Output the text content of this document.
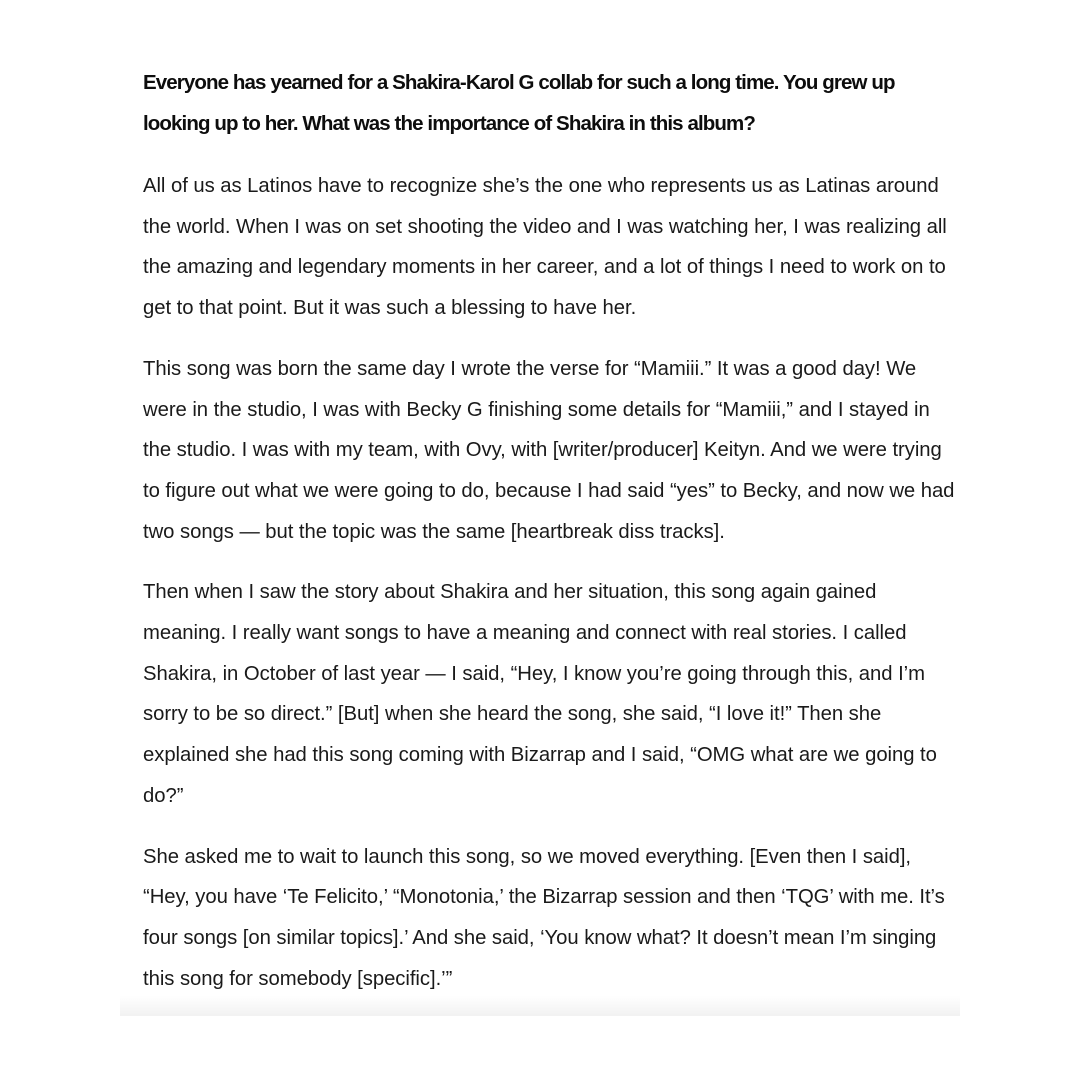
Everyone has yearned for a Shakira-Karol G collab for such a long time. You grew up looking up to her. What was the importance of Shakira in this album?

All of us as Latinos have to recognize she’s the one who represents us as Latinas around the world. When I was on set shooting the video and I was watching her, I was realizing all the amazing and legendary moments in her career, and a lot of things I need to work on to get to that point. But it was such a blessing to have her.

This song was born the same day I wrote the verse for “Mamiii.” It was a good day! We were in the studio, I was with Becky G finishing some details for “Mamiii,” and I stayed in the studio. I was with my team, with Ovy, with [writer/producer] Keityn. And we were trying to figure out what we were going to do, because I had said “yes” to Becky, and now we had two songs — but the topic was the same [heartbreak diss tracks].

Then when I saw the story about Shakira and her situation, this song again gained meaning. I really want songs to have a meaning and connect with real stories. I called Shakira, in October of last year — I said, “Hey, I know you’re going through this, and I’m sorry to be so direct.” [But] when she heard the song, she said, “I love it!” Then she explained she had this song coming with Bizarrap and I said, “OMG what are we going to do?”

She asked me to wait to launch this song, so we moved everything. [Even then I said], “Hey, you have ‘Te Felicito,’ “Monotonia,’ the Bizarrap session and then ‘TQG’ with me. It’s four songs [on similar topics].’ And she said, ‘You know what? It doesn’t mean I’m singing this song for somebody [specific].’”
